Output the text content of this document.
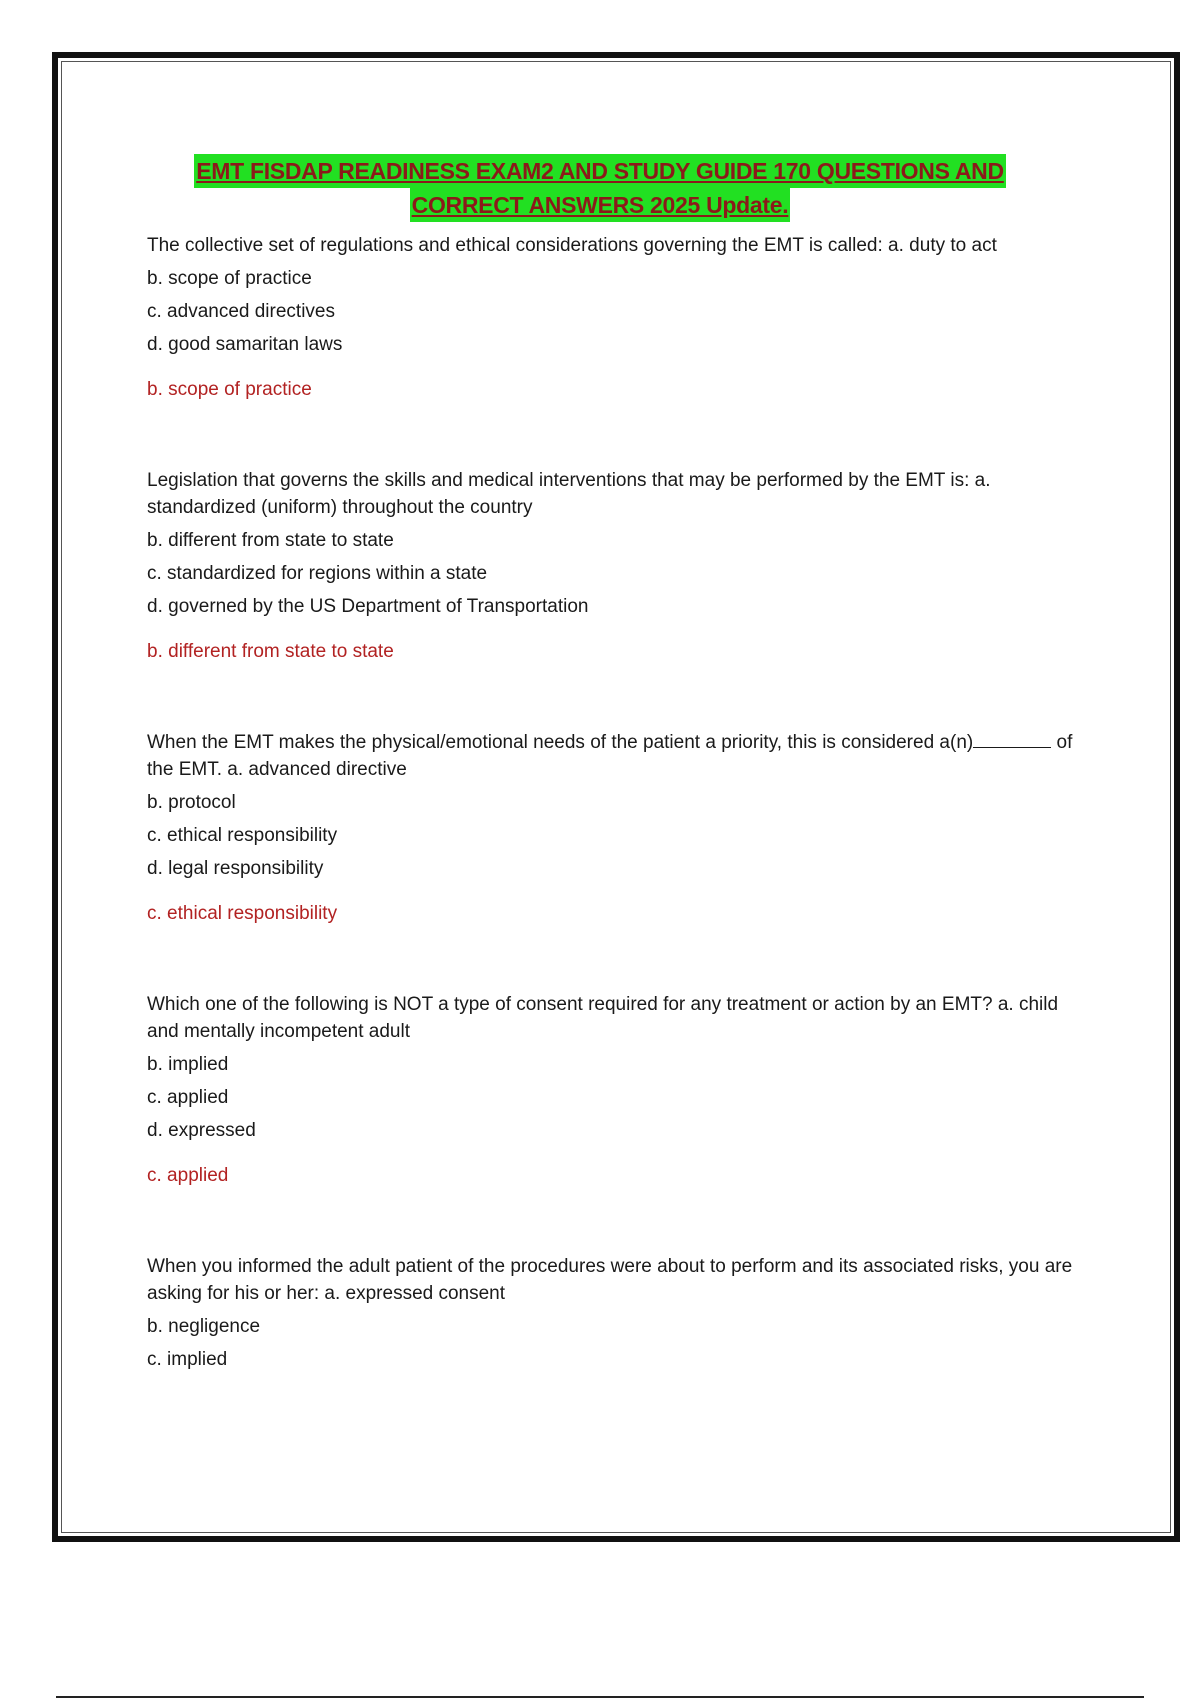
EMT FISDAP READINESS EXAM2 AND STUDY GUIDE 170 QUESTIONS AND
CORRECT ANSWERS 2025 Update.

The collective set of regulations and ethical considerations governing the EMT is called: a. duty to act

b. scope of practice

c. advanced directives

d. good samaritan laws

b. scope of practice

Legislation that governs the skills and medical interventions that may be performed by the EMT is: a. standardized (uniform) throughout the country

b. different from state to state

c. standardized for regions within a state

d. governed by the US Department of Transportation

b. different from state to state

When the EMT makes the physical/emotional needs of the patient a priority, this is considered a(n)	of the EMT. a. advanced directive

b. protocol

c. ethical responsibility

d. legal responsibility

c. ethical responsibility

Which one of the following is NOT a type of consent required for any treatment or action by an EMT? a. child and mentally incompetent adult

b. implied

c. applied

d. expressed

c. applied

When you informed the adult patient of the procedures were about to perform and its associated risks, you are asking for his or her: a. expressed consent

b. negligence

c. implied
